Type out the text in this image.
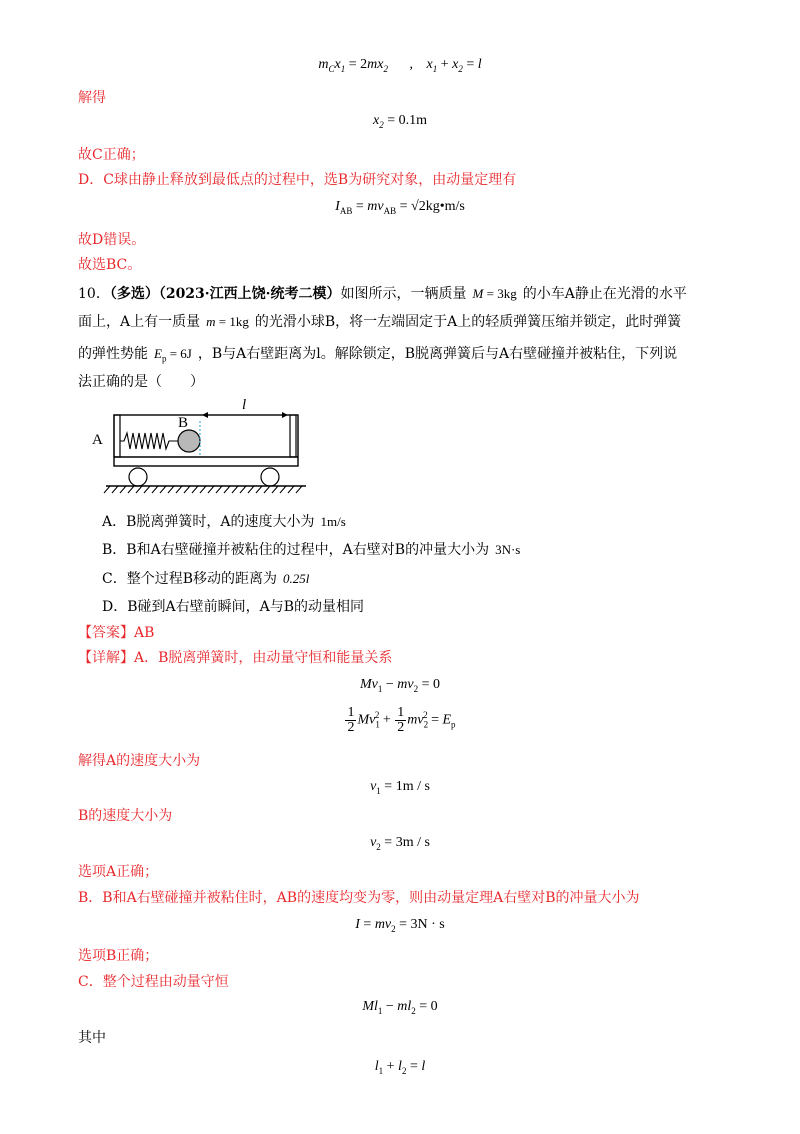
$m_Cx_1 = 2mx_2$ , $x_1 + x_2 = l$
解得
$x_2 = 0.1m$
故C正确；
D．C球由静止释放到最低点的过程中，选B为研究对象，由动量定理有
$I_{AB} = mv_{AB}$ = √2kg•m/s
故D错误。
故选BC。
10．（多选）（2023·江西上饶·统考二模）如图所示，一辆质量 M = 3kg 的小车A静止在光滑的水平
面上，A上有一质量 m = 1kg 的光滑小球B，将一左端固定于A上的轻质弹簧压缩并锁定，此时弹簧
的弹性势能 $E_p = 6J$ ，B与A右壁距离为l。解除锁定，B脱离弹簧后与A右壁碰撞并被粘住，下列说
法正确的是（　　）
A
B
l
A．B脱离弹簧时，A的速度大小为 1m/s
B．B和A右壁碰撞并被粘住的过程中，A右壁对B的冲量大小为 3N·s
C．整个过程B移动的距离为 0.25l
D．B碰到A右壁前瞬间，A与B的动量相同
【答案】AB
【详解】A．B脱离弹簧时，由动量守恒和能量关系
$Mv_1 - mv_2 = 0$
$\frac{1}{2} Mv_1^2 + \frac{1}{2} mv_2^2 = E_p$
解得A的速度大小为
$v_1 = 1m / s$
B的速度大小为
$v_2 = 3m / s$
选项A正确；
B．B和A右壁碰撞并被粘住时，AB的速度均变为零，则由动量定理A右壁对B的冲量大小为
$I = mv_2 = 3N \cdot s$
选项B正确；
C．整个过程由动量守恒
$Ml_1 - ml_2 = 0$
其中
$l_1 + l_2 = l$
